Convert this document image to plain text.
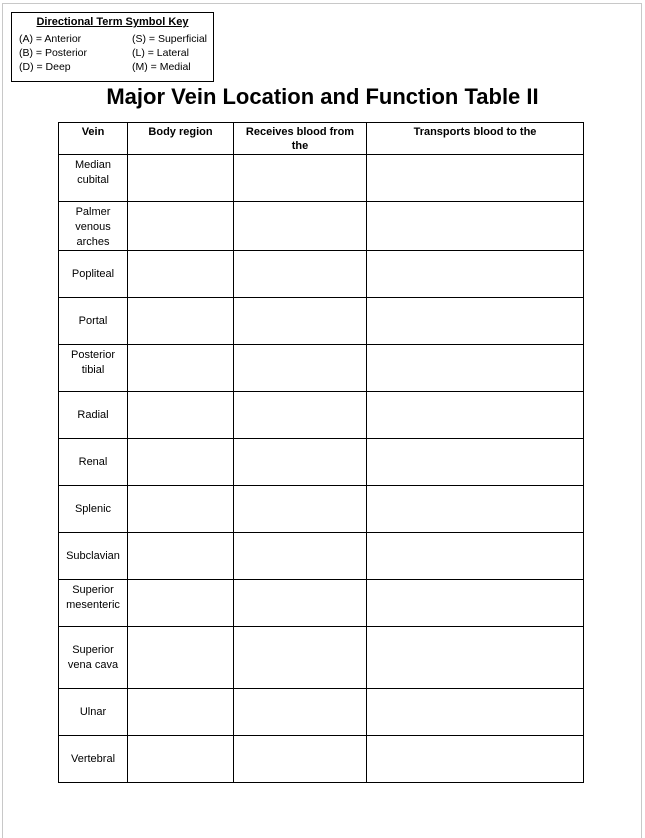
Directional Term Symbol Key
(A) = Anterior	(S) = Superficial
(B) = Posterior	(L) = Lateral
(D) = Deep	(M) = Medial
Major Vein Location and Function Table II
Vein	Body region	Receives blood from the	Transports blood to the
Median cubital			
Palmer venous arches			
Popliteal			
Portal			
Posterior tibial			
Radial			
Renal			
Splenic			
Subclavian			
Superior mesenteric			
Superior vena cava			
Ulnar			
Vertebral			
